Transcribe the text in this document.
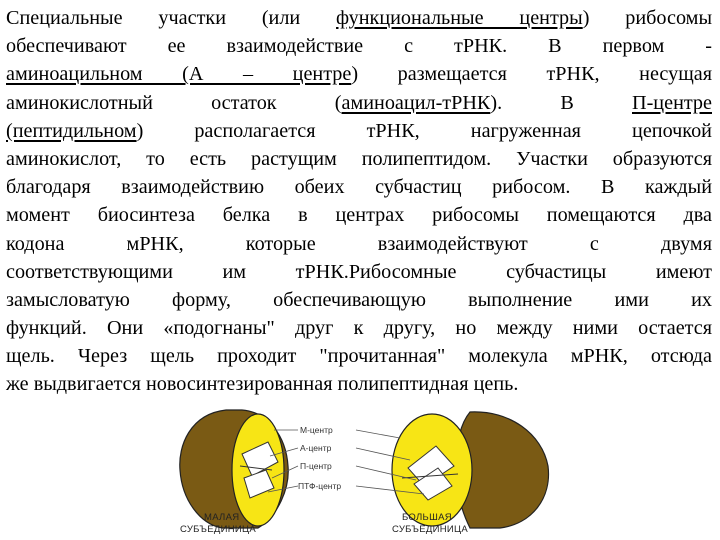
Специальные участки (или функциональные центры) рибосомы
обеспечивают ее взаимодействие с тРНК. В первом -
аминоацильном (А – центре) размещается тРНК, несущая
аминокислотный остаток (аминоацил-тРНК). В П-центре
(пептидильном) располагается тРНК, нагруженная цепочкой
аминокислот, то есть растущим полипептидом. Участки образуются
благодаря взаимодействию обеих субчастиц рибосом. В каждый
момент биосинтеза белка в центрах рибосомы помещаются два
кодона мРНК, которые взаимодействуют с двумя
соответствующими им тРНК.Рибосомные субчастицы имеют
замысловатую форму, обеспечивающую выполнение ими их
функций. Они «подогнаны" друг к другу, но между ними остается
щель. Через щель проходит "прочитанная" молекула мРНК, отсюда
же выдвигается новосинтезированная полипептидная цепь.
М-центр
А-центр
П-центр
ПТФ-центр
МАЛАЯ
СУБЪЕДИНИЦА
БОЛЬШАЯ
СУБЪЕДИНИЦА
